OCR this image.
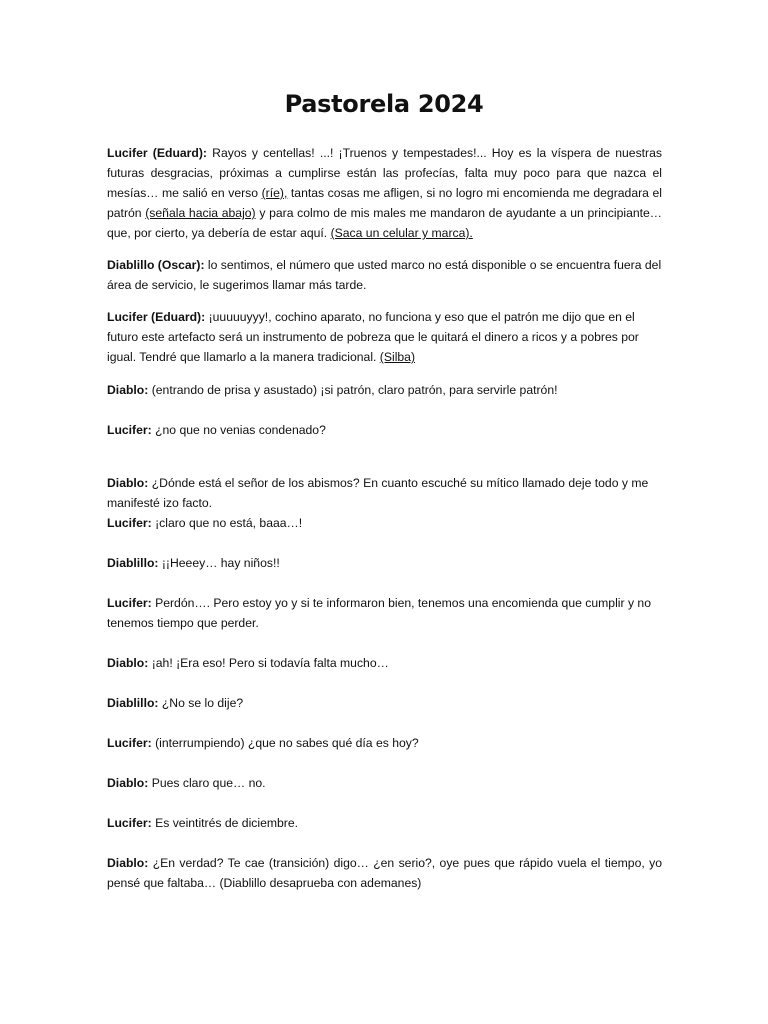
Pastorela 2024

Lucifer (Eduard): Rayos y centellas! ...! ¡Truenos y tempestades!... Hoy es la víspera de nuestras futuras desgracias, próximas a cumplirse están las profecías, falta muy poco para que nazca el mesías… me salió en verso (ríe), tantas cosas me afligen, si no logro mi encomienda me degradara el patrón (señala hacia abajo) y para colmo de mis males me mandaron de ayudante a un principiante… que, por cierto, ya debería de estar aquí. (Saca un celular y marca).

Diablillo (Oscar): lo sentimos, el número que usted marco no está disponible o se encuentra fuera del área de servicio, le sugerimos llamar más tarde.

Lucifer (Eduard): ¡uuuuuyyy!, cochino aparato, no funciona y eso que el patrón me dijo que en el futuro este artefacto será un instrumento de pobreza que le quitará el dinero a ricos y a pobres por igual. Tendré que llamarlo a la manera tradicional. (Silba)

Diablo: (entrando de prisa y asustado) ¡si patrón, claro patrón, para servirle patrón!

Lucifer: ¿no que no venias condenado?

Diablo: ¿Dónde está el señor de los abismos? En cuanto escuché su mítico llamado deje todo y me manifesté izo facto.
Lucifer: ¡claro que no está, baaa…!

Diablillo: ¡¡Heeey… hay niños!!

Lucifer: Perdón…. Pero estoy yo y si te informaron bien, tenemos una encomienda que cumplir y no tenemos tiempo que perder.

Diablo: ¡ah! ¡Era eso! Pero si todavía falta mucho…

Diablillo: ¿No se lo dije?

Lucifer: (interrumpiendo) ¿que no sabes qué día es hoy?

Diablo: Pues claro que… no.

Lucifer: Es veintitrés de diciembre.

Diablo: ¿En verdad? Te cae (transición) digo… ¿en serio?, oye pues que rápido vuela el tiempo, yo pensé que faltaba… (Diablillo desaprueba con ademanes)
